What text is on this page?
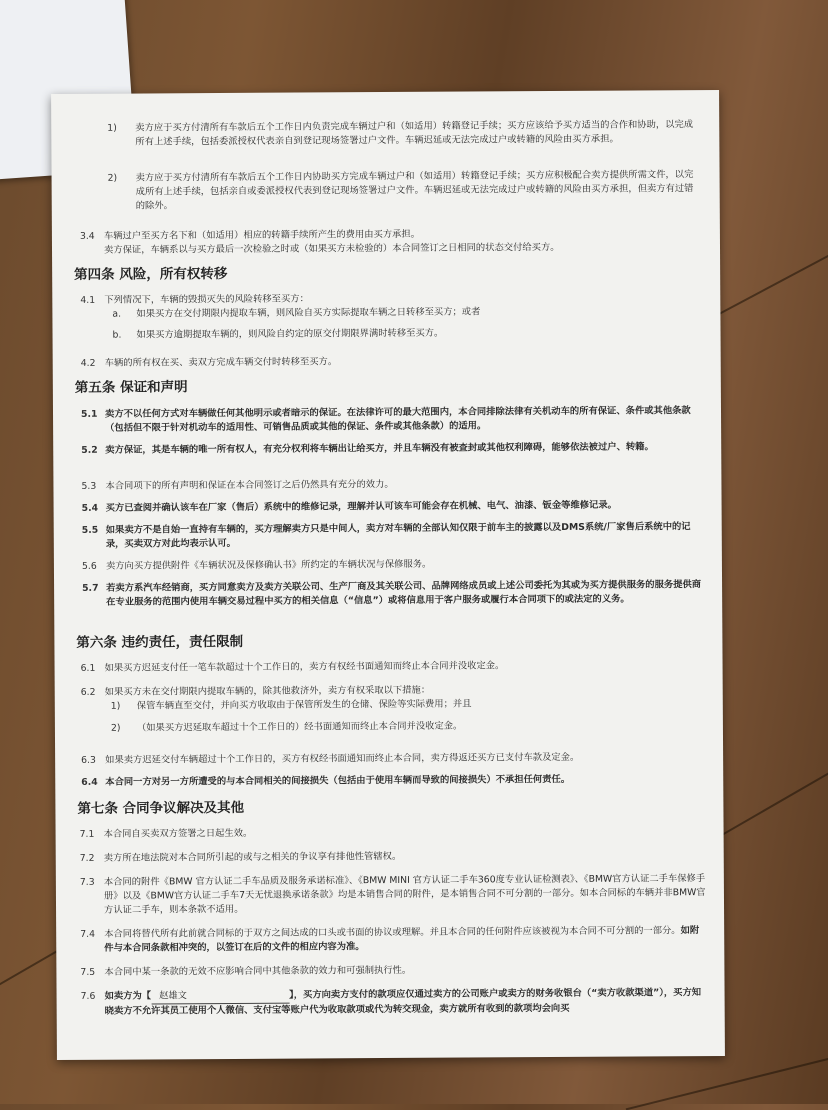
1) 卖方应于买方付清所有车款后五个工作日内负责完成车辆过户和（如适用）转籍登记手续；买方应该给予买方适当的合作和协助，以完成所有上述手续，包括委派授权代表亲自到登记现场签署过户文件。车辆迟延或无法完成过户或转籍的风险由买方承担。
2) 卖方应于买方付清所有车款后五个工作日内协助买方完成车辆过户和（如适用）转籍登记手续；买方应积极配合卖方提供所需文件，以完成所有上述手续，包括亲自或委派授权代表到登记现场签署过户文件。车辆迟延或无法完成过户或转籍的风险由买方承担，但卖方有过错的除外。
3.4 车辆过户至买方名下和（如适用）相应的转籍手续所产生的费用由买方承担。
卖方保证，车辆系以与买方最后一次检验之时或（如果买方未检验的）本合同签订之日相同的状态交付给买方。
第四条 风险，所有权转移
4.1 下列情况下，车辆的毁损灭失的风险转移至买方：
a. 如果买方在交付期限内提取车辆，则风险自买方实际提取车辆之日转移至买方；或者
b. 如果买方逾期提取车辆的，则风险自约定的原交付期限界满时转移至买方。
4.2 车辆的所有权在买、卖双方完成车辆交付时转移至买方。
第五条 保证和声明
5.1 卖方不以任何方式对车辆做任何其他明示或者暗示的保证。在法律许可的最大范围内，本合同排除法律有关机动车的所有保证、条件或其他条款（包括但不限于针对机动车的适用性、可销售品质或其他的保证、条件或其他条款）的适用。
5.2 卖方保证，其是车辆的唯一所有权人，有充分权利将车辆出让给买方，并且车辆没有被查封或其他权利障碍，能够依法被过户、转籍。
5.3 本合同项下的所有声明和保证在本合同签订之后仍然具有充分的效力。
5.4 买方已查阅并确认该车在厂家（售后）系统中的维修记录，理解并认可该车可能会存在机械、电气、油漆、钣金等维修记录。
5.5 如果卖方不是自始一直持有车辆的，买方理解卖方只是中间人，卖方对车辆的全部认知仅限于前车主的披露以及DMS系统/厂家售后系统中的记录，买卖双方对此均表示认可。
5.6 卖方向买方提供附件《车辆状况及保修确认书》所约定的车辆状况与保修服务。
5.7 若卖方系汽车经销商，买方同意卖方及卖方关联公司、生产厂商及其关联公司、品牌网络成员或上述公司委托为其或为买方提供服务的服务提供商在专业服务的范围内使用车辆交易过程中买方的相关信息（“信息”）或将信息用于客户服务或履行本合同项下的或法定的义务。
第六条 违约责任，责任限制
6.1 如果买方迟延支付任一笔车款超过十个工作日的，卖方有权经书面通知而终止本合同并没收定金。
6.2 如果买方未在交付期限内提取车辆的，除其他救济外，卖方有权采取以下措施：
1) 保管车辆直至交付，并向买方收取由于保管所发生的仓储、保险等实际费用；并且
2) （如果买方迟延取车超过十个工作日的）经书面通知而终止本合同并没收定金。
6.3 如果卖方迟延交付车辆超过十个工作日的，买方有权经书面通知而终止本合同，卖方得返还买方已支付车款及定金。
6.4 本合同一方对另一方所遭受的与本合同相关的间接损失（包括由于使用车辆而导致的间接损失）不承担任何责任。
第七条 合同争议解决及其他
7.1 本合同自买卖双方签署之日起生效。
7.2 卖方所在地法院对本合同所引起的或与之相关的争议享有排他性管辖权。
7.3 本合同的附件《BMW 官方认证二手车品质及服务承诺标准》、《BMW MINI 官方认证二手车360度专业认证检测表》、《BMW官方认证二手车保修手册》以及《BMW官方认证二手车7天无忧退换承诺条款》均是本销售合同的附件，是本销售合同不可分割的一部分。如本合同标的车辆并非BMW官方认证二手车，则本条款不适用。
7.4 本合同将替代所有此前就合同标的于双方之间达成的口头或书面的协议或理解。并且本合同的任何附件应该被视为本合同不可分割的一部分。如附件与本合同条款相冲突的，以签订在后的文件的相应内容为准。
7.5 本合同中某一条款的无效不应影响合同中其他条款的效力和可强制执行性。
7.6 如卖方为【 赵雄文	】，买方向卖方支付的款项应仅通过卖方的公司账户或卖方的财务收银台（“卖方收款渠道”），买方知晓卖方不允许其员工使用个人微信、支付宝等账户代为收取款项或代为转交现金，卖方就所有收到的款项均会向买
